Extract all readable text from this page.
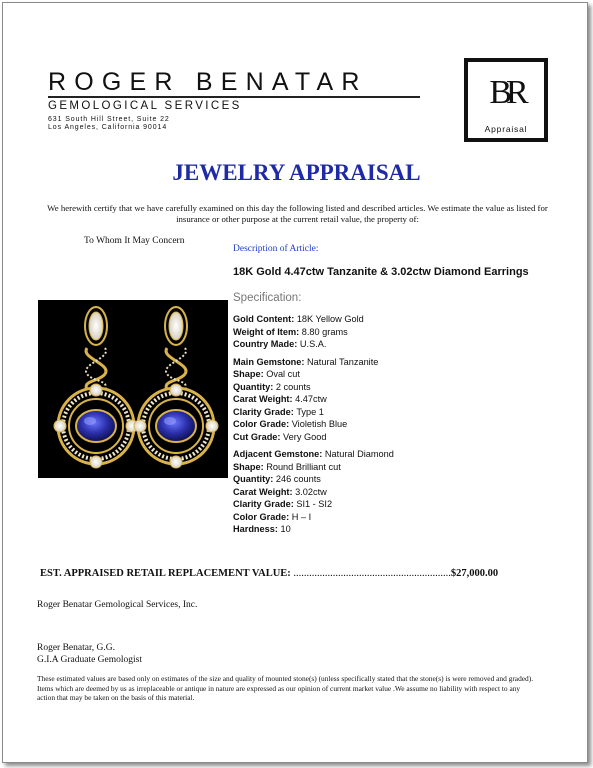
ROGER BENATAR
GEMOLOGICAL SERVICES
631 South Hill Street, Suite 22
Los Angeles, California 90014
BR
Appraisal
JEWELRY APPRAISAL
We herewith certify that we have carefully examined on this day the following listed and described articles. We estimate the value as listed for insurance or other purpose at the current retail value, the property of:
To Whom It May Concern
Description of Article:
18K Gold 4.47ctw Tanzanite & 3.02ctw Diamond Earrings
Specification:
Gold Content: 18K Yellow Gold
Weight of Item: 8.80 grams
Country Made: U.S.A.
Main Gemstone: Natural Tanzanite
Shape: Oval cut
Quantity: 2 counts
Carat Weight: 4.47ctw
Clarity Grade: Type 1
Color Grade: Violetish Blue
Cut Grade: Very Good
Adjacent Gemstone: Natural Diamond
Shape: Round Brilliant cut
Quantity: 246 counts
Carat Weight: 3.02ctw
Clarity Grade: SI1 - SI2
Color Grade: H – I
Hardness: 10
EST. APPRAISED RETAIL REPLACEMENT VALUE: ............................................................$27,000.00
Roger Benatar Gemological Services, Inc.
Roger Benatar, G.G.
G.I.A Graduate Gemologist
These estimated values are based only on estimates of the size and quality of mounted stone(s) (unless specifically stated that the stone(s) is were removed and graded). Items which are deemed by us as irreplaceable or antique in nature are expressed as our opinion of current market value .We assume no liability with respect to any action that may be taken on the basis of this material.
